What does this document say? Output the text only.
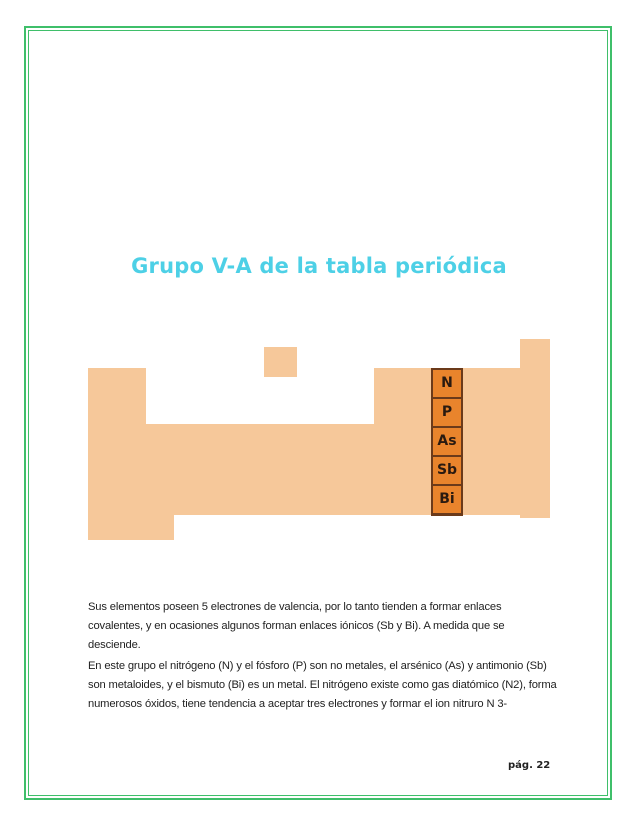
Grupo V-A de la tabla periódica
N
P
As
Sb
Bi
Sus elementos poseen 5 electrones de valencia, por lo tanto tienden a formar enlaces covalentes, y en ocasiones algunos forman enlaces iónicos (Sb y Bi). A medida que se desciende.
En este grupo el nitrógeno (N) y el fósforo (P) son no metales, el arsénico (As) y antimonio (Sb) son metaloides, y el bismuto (Bi) es un metal. El nitrógeno existe como gas diatómico (N2), forma numerosos óxidos, tiene tendencia a aceptar tres electrones y formar el ion nitruro N 3-
pág. 22
